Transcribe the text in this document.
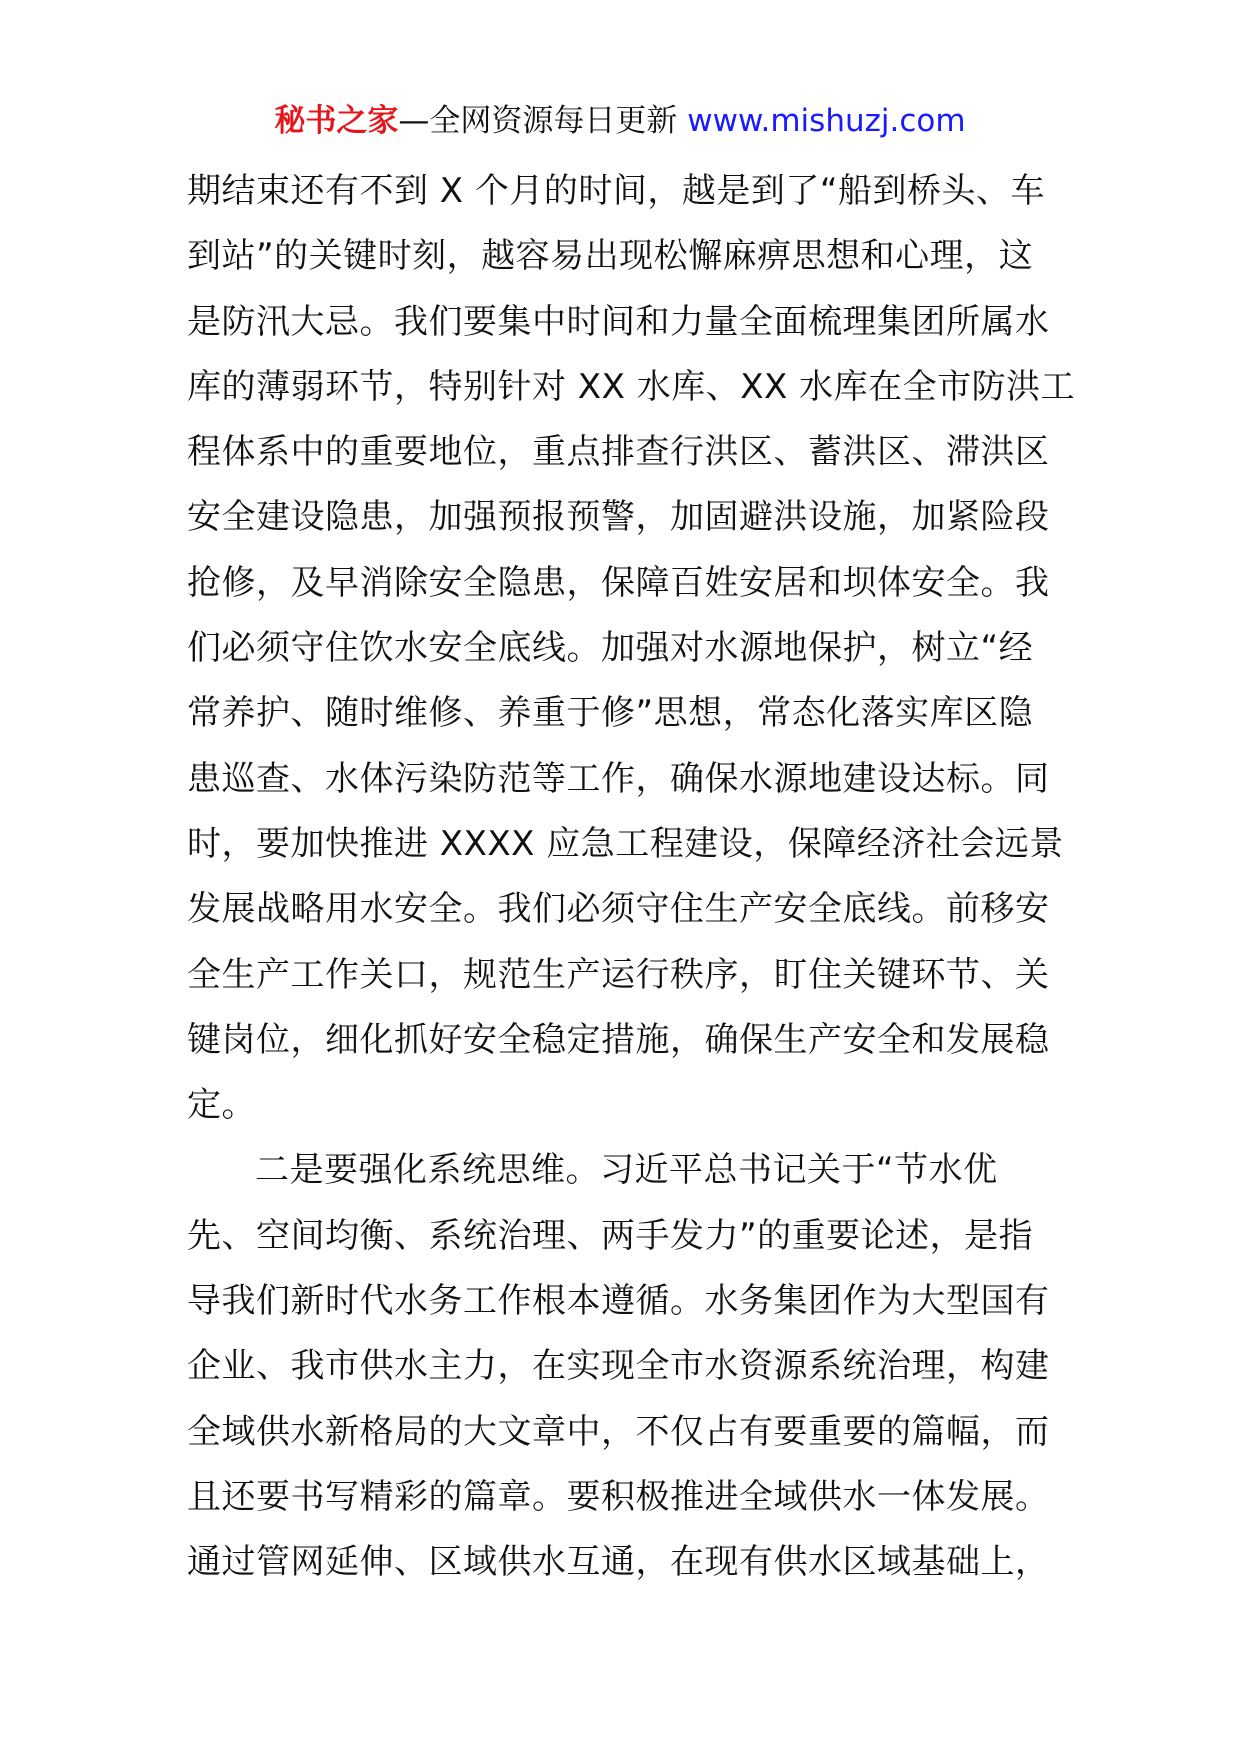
秘书之家—全网资源每日更新 www.mishuzj.com
期结束还有不到 X 个月的时间，越是到了“船到桥头、车
到站”的关键时刻，越容易出现松懈麻痹思想和心理，这
是防汛大忌。我们要集中时间和力量全面梳理集团所属水
库的薄弱环节，特别针对 XX 水库、XX 水库在全市防洪工
程体系中的重要地位，重点排查行洪区、蓄洪区、滞洪区
安全建设隐患，加强预报预警，加固避洪设施，加紧险段
抢修，及早消除安全隐患，保障百姓安居和坝体安全。我
们必须守住饮水安全底线。加强对水源地保护，树立“经
常养护、随时维修、养重于修”思想，常态化落实库区隐
患巡查、水体污染防范等工作，确保水源地建设达标。同
时，要加快推进 XXXX 应急工程建设，保障经济社会远景
发展战略用水安全。我们必须守住生产安全底线。前移安
全生产工作关口，规范生产运行秩序，盯住关键环节、关
键岗位，细化抓好安全稳定措施，确保生产安全和发展稳
定。
二是要强化系统思维。习近平总书记关于“节水优
先、空间均衡、系统治理、两手发力”的重要论述，是指
导我们新时代水务工作根本遵循。水务集团作为大型国有
企业、我市供水主力，在实现全市水资源系统治理，构建
全域供水新格局的大文章中，不仅占有要重要的篇幅，而
且还要书写精彩的篇章。要积极推进全域供水一体发展。
通过管网延伸、区域供水互通，在现有供水区域基础上，
